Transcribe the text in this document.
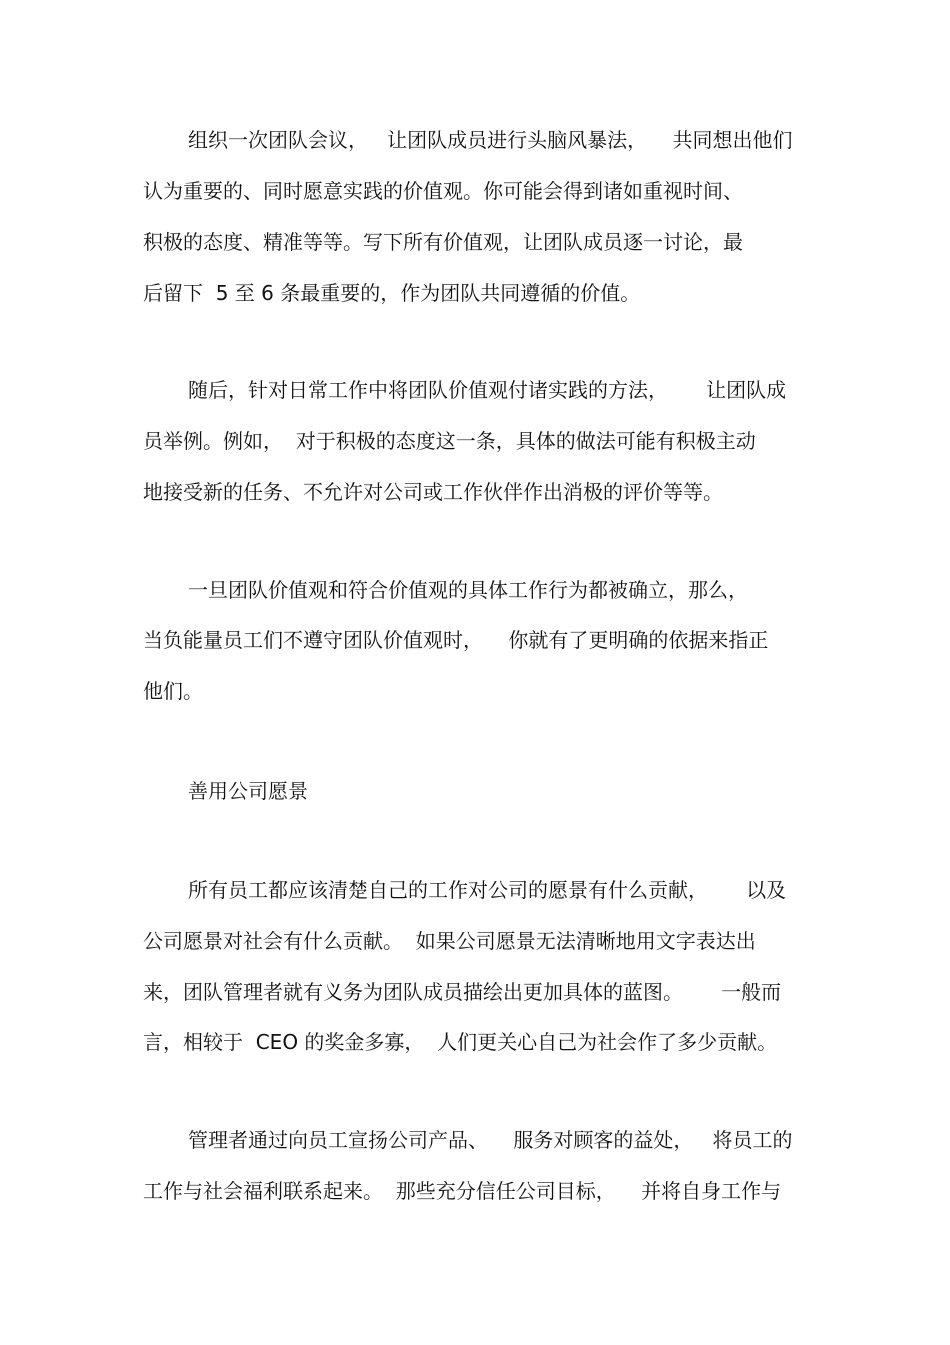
组织一次团队会议，   让团队成员进行头脑风暴法，    共同想出他们
认为重要的、同时愿意实践的价值观。你可能会得到诸如重视时间、
积极的态度、精准等等。写下所有价值观，让团队成员逐一讨论，最
后留下  5 至 6 条最重要的，作为团队共同遵循的价值。
随后，针对日常工作中将团队价值观付诸实践的方法，      让团队成
员举例。例如，  对于积极的态度这一条，具体的做法可能有积极主动
地接受新的任务、不允许对公司或工作伙伴作出消极的评价等等。
一旦团队价值观和符合价值观的具体工作行为都被确立，那么，
当负能量员工们不遵守团队价值观时，    你就有了更明确的依据来指正
他们。
善用公司愿景
所有员工都应该清楚自己的工作对公司的愿景有什么贡献，      以及
公司愿景对社会有什么贡献。  如果公司愿景无法清晰地用文字表达出
来，团队管理者就有义务为团队成员描绘出更加具体的蓝图。      一般而
言，相较于  CEO 的奖金多寡，  人们更关心自己为社会作了多少贡献。
管理者通过向员工宣扬公司产品、    服务对顾客的益处，   将员工的
工作与社会福利联系起来。  那些充分信任公司目标，    并将自身工作与
